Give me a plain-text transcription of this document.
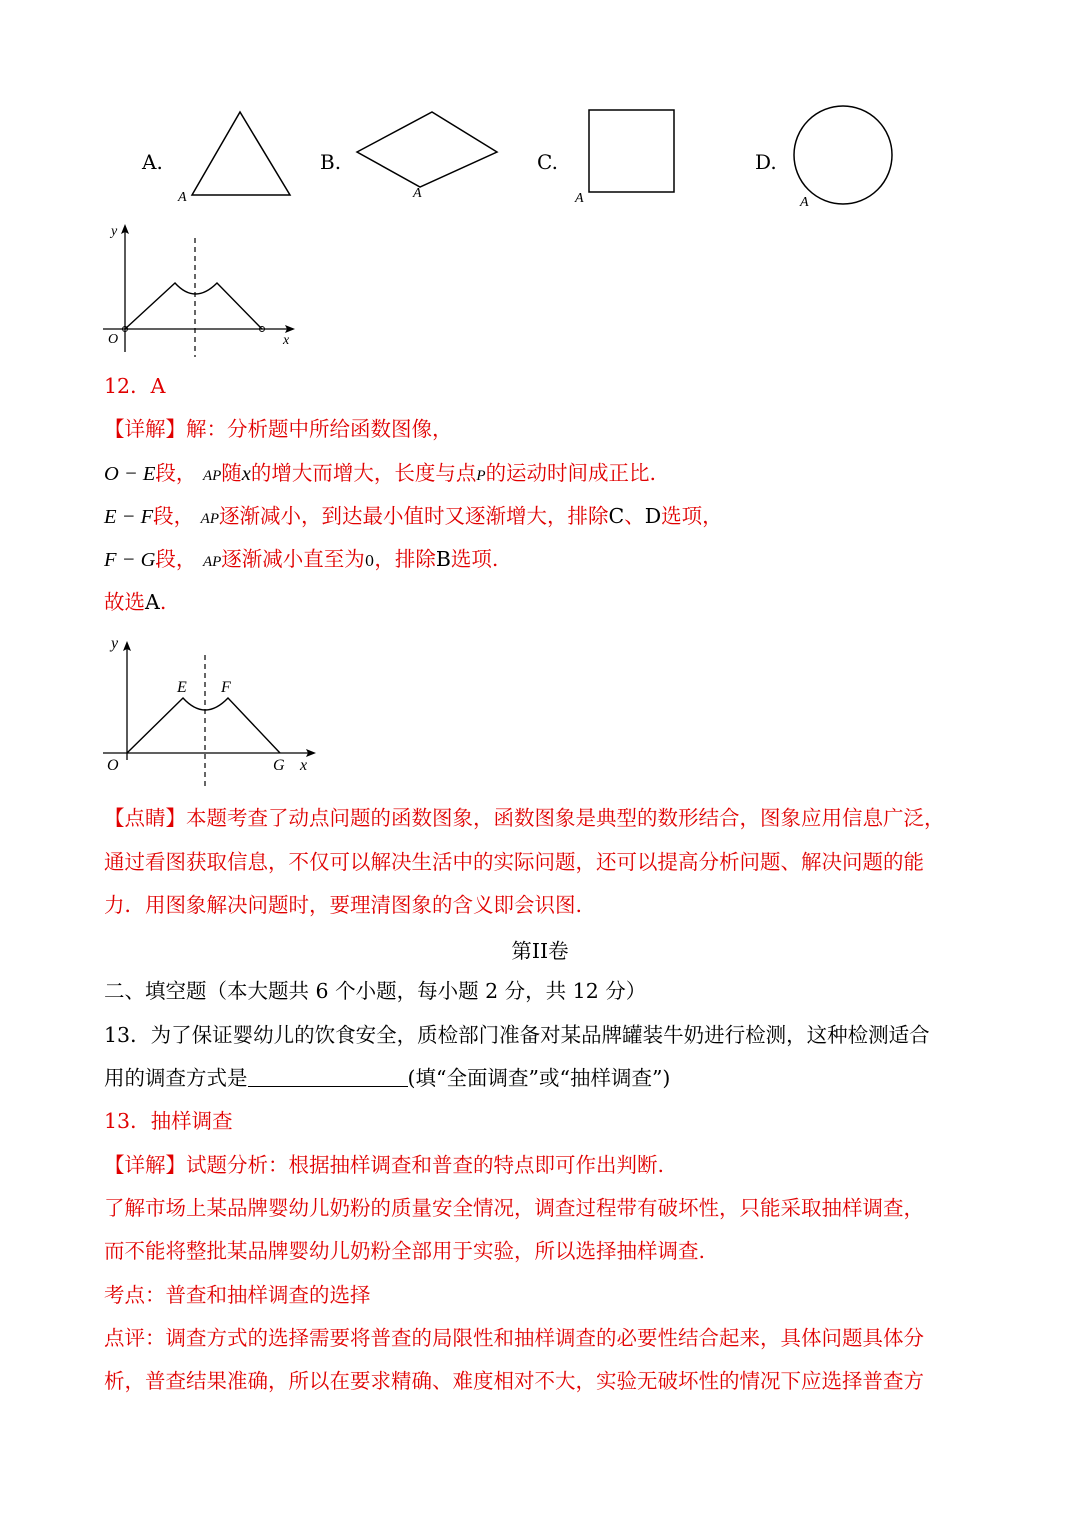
A.
A
B.
A
C.
A
D.
A
y
O	x
12．A
【详解】解：分析题中所给函数图像，
O − E段， AP随x的增大而增大，长度与点P的运动时间成正比.
E − F段， AP逐渐减小，到达最小值时又逐渐增大，排除C、D选项，
F − G段， AP逐渐减小直至为0，排除B选项.
故选A.
y
O	x
E F
G
【点睛】本题考查了动点问题的函数图象，函数图象是典型的数形结合，图象应用信息广泛，
通过看图获取信息，不仅可以解决生活中的实际问题，还可以提高分析问题、解决问题的能
力．用图象解决问题时，要理清图象的含义即会识图.
第II卷
二、填空题（本大题共 6 个小题，每小题 2 分，共 12 分）
13．为了保证婴幼儿的饮食安全，质检部门准备对某品牌罐装牛奶进行检测，这种检测适合
用的调查方式是	(填“全面调查”或“抽样调查”)
13．抽样调查
【详解】试题分析：根据抽样调查和普查的特点即可作出判断.
了解市场上某品牌婴幼儿奶粉的质量安全情况，调查过程带有破坏性，只能采取抽样调查，
而不能将整批某品牌婴幼儿奶粉全部用于实验，所以选择抽样调查.
考点：普查和抽样调查的选择
点评：调查方式的选择需要将普查的局限性和抽样调查的必要性结合起来，具体问题具体分
析，普查结果准确，所以在要求精确、难度相对不大，实验无破坏性的情况下应选择普查方
